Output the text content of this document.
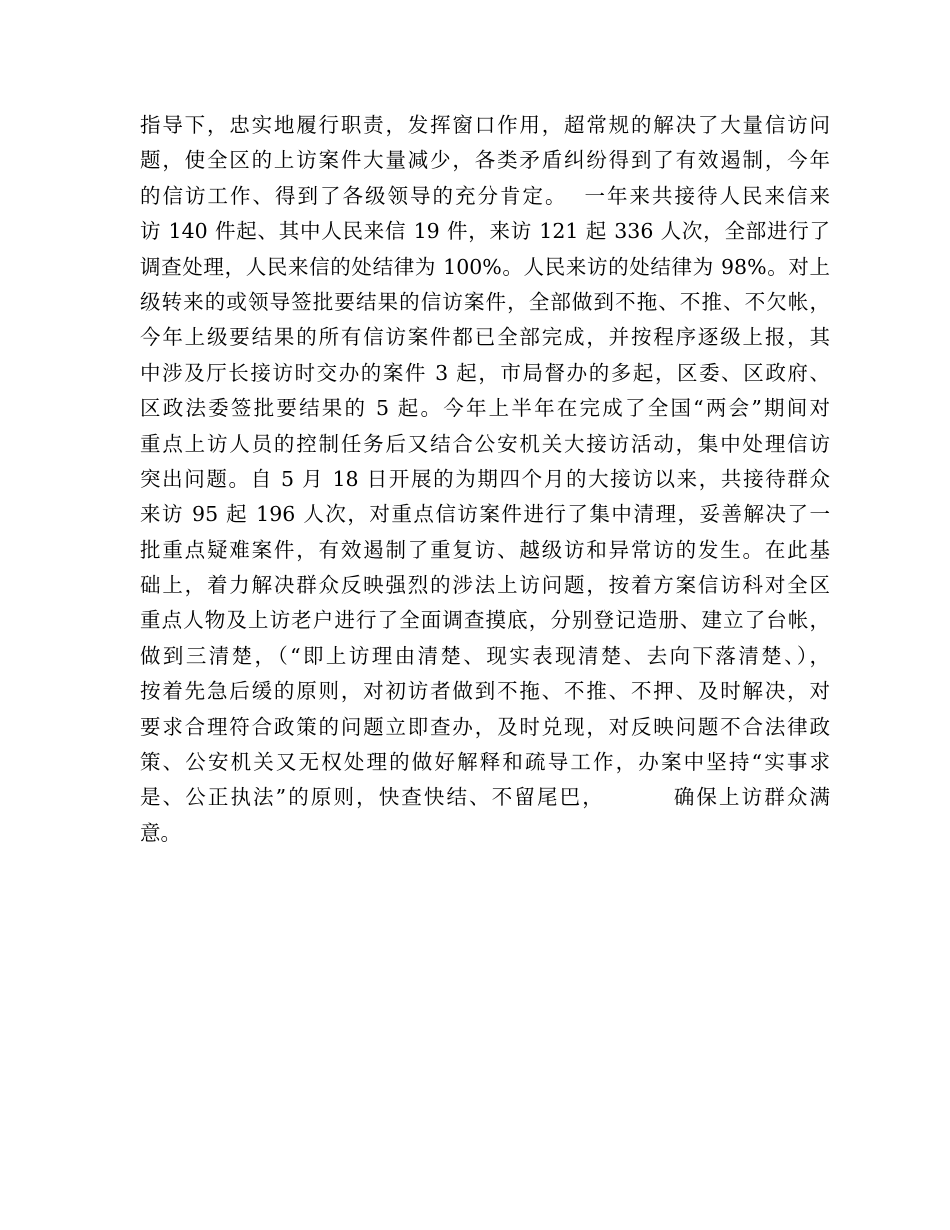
指导下，忠实地履行职责，发挥窗口作用，超常规的解决了大量信访问
题，使全区的上访案件大量减少，各类矛盾纠纷得到了有效遏制，今年
的信访工作、得到了各级领导的充分肯定。  一年来共接待人民来信来
访 140 件起、其中人民来信 19 件，来访 121 起 336 人次，全部进行了
调查处理，人民来信的处结律为 100%。人民来访的处结律为 98%。对上
级转来的或领导签批要结果的信访案件，全部做到不拖、不推、不欠帐，
今年上级要结果的所有信访案件都已全部完成，并按程序逐级上报，其
中涉及厅长接访时交办的案件 3 起，市局督办的多起，区委、区政府、
区政法委签批要结果的 5 起。今年上半年在完成了全国“两会”期间对
重点上访人员的控制任务后又结合公安机关大接访活动，集中处理信访
突出问题。自 5 月 18 日开展的为期四个月的大接访以来，共接待群众
来访 95 起 196 人次，对重点信访案件进行了集中清理，妥善解决了一
批重点疑难案件，有效遏制了重复访、越级访和异常访的发生。在此基
础上，着力解决群众反映强烈的涉法上访问题，按着方案信访科对全区
重点人物及上访老户进行了全面调查摸底，分别登记造册、建立了台帐，
做到三清楚，（“即上访理由清楚、现实表现清楚、去向下落清楚、），
按着先急后缓的原则，对初访者做到不拖、不推、不押、及时解决，对
要求合理符合政策的问题立即查办，及时兑现，对反映问题不合法律政
策、公安机关又无权处理的做好解释和疏导工作，办案中坚持“实事求
是、公正执法”的原则，快查快结、不留尾巴，        确保上访群众满
意。
